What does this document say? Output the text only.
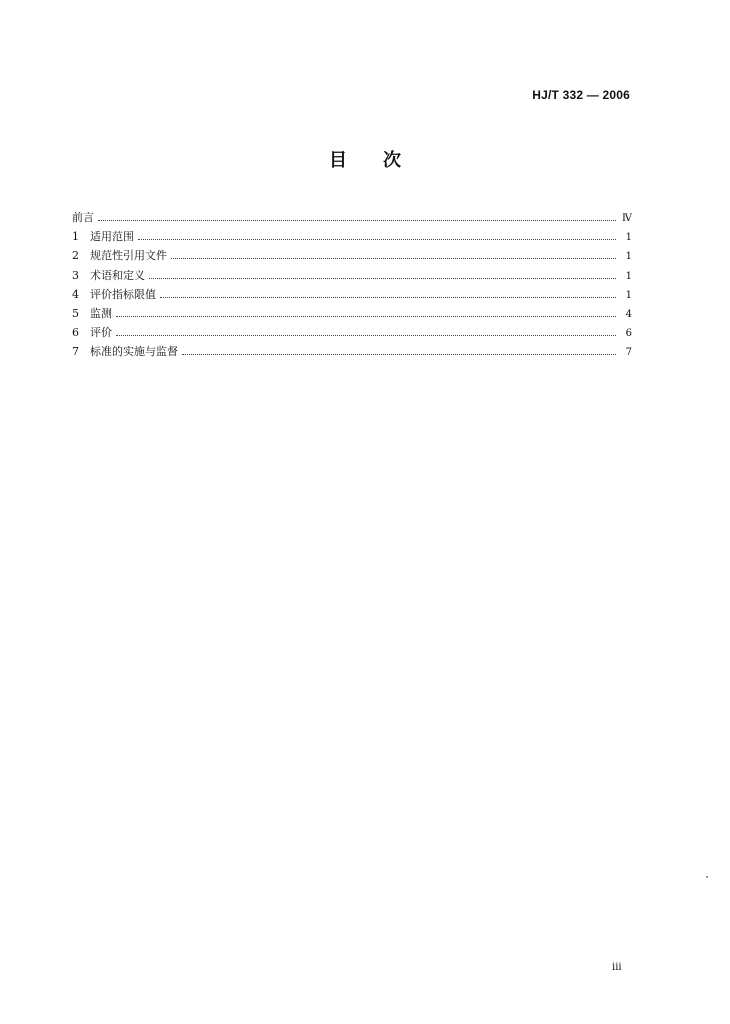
HJ/T 332 — 2006
目次
前言	Ⅳ
1	适用范围	1
2	规范性引用文件	1
3	术语和定义	1
4	评价指标限值	1
5	监测	4
6	评价	6
7	标准的实施与监督	7
iii
